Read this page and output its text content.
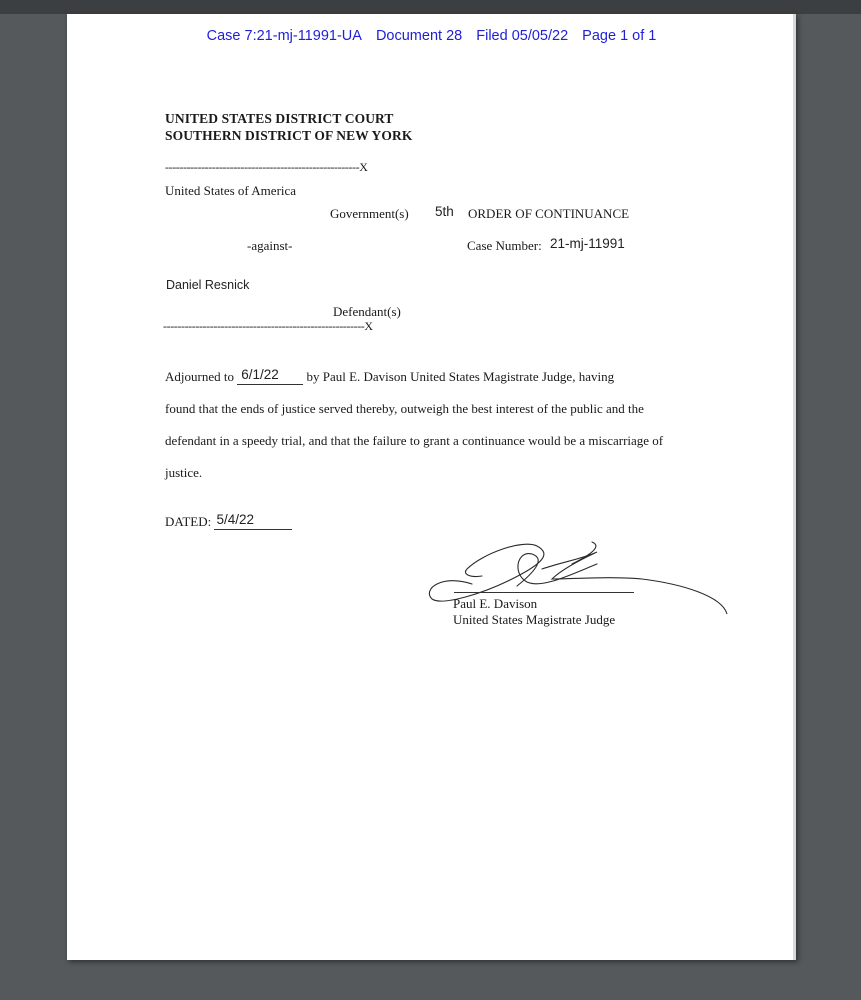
Case 7:21-mj-11991-UA Document 28 Filed 05/05/22 Page 1 of 1
UNITED STATES DISTRICT COURT
SOUTHERN DISTRICT OF NEW YORK
------------------------------------------------------X
United States of America
Government(s) 5th ORDER OF CONTINUANCE
-against-	Case Number: 21-mj-11991
Daniel Resnick
Defendant(s)
--------------------------------------------------------X
Adjourned to 6/1/22 by Paul E. Davison United States Magistrate Judge, having
found that the ends of justice served thereby, outweigh the best interest of the public and the
defendant in a speedy trial, and that the failure to grant a continuance would be a miscarriage of
justice.
DATED: 5/4/22
Paul E. Davison
United States Magistrate Judge
